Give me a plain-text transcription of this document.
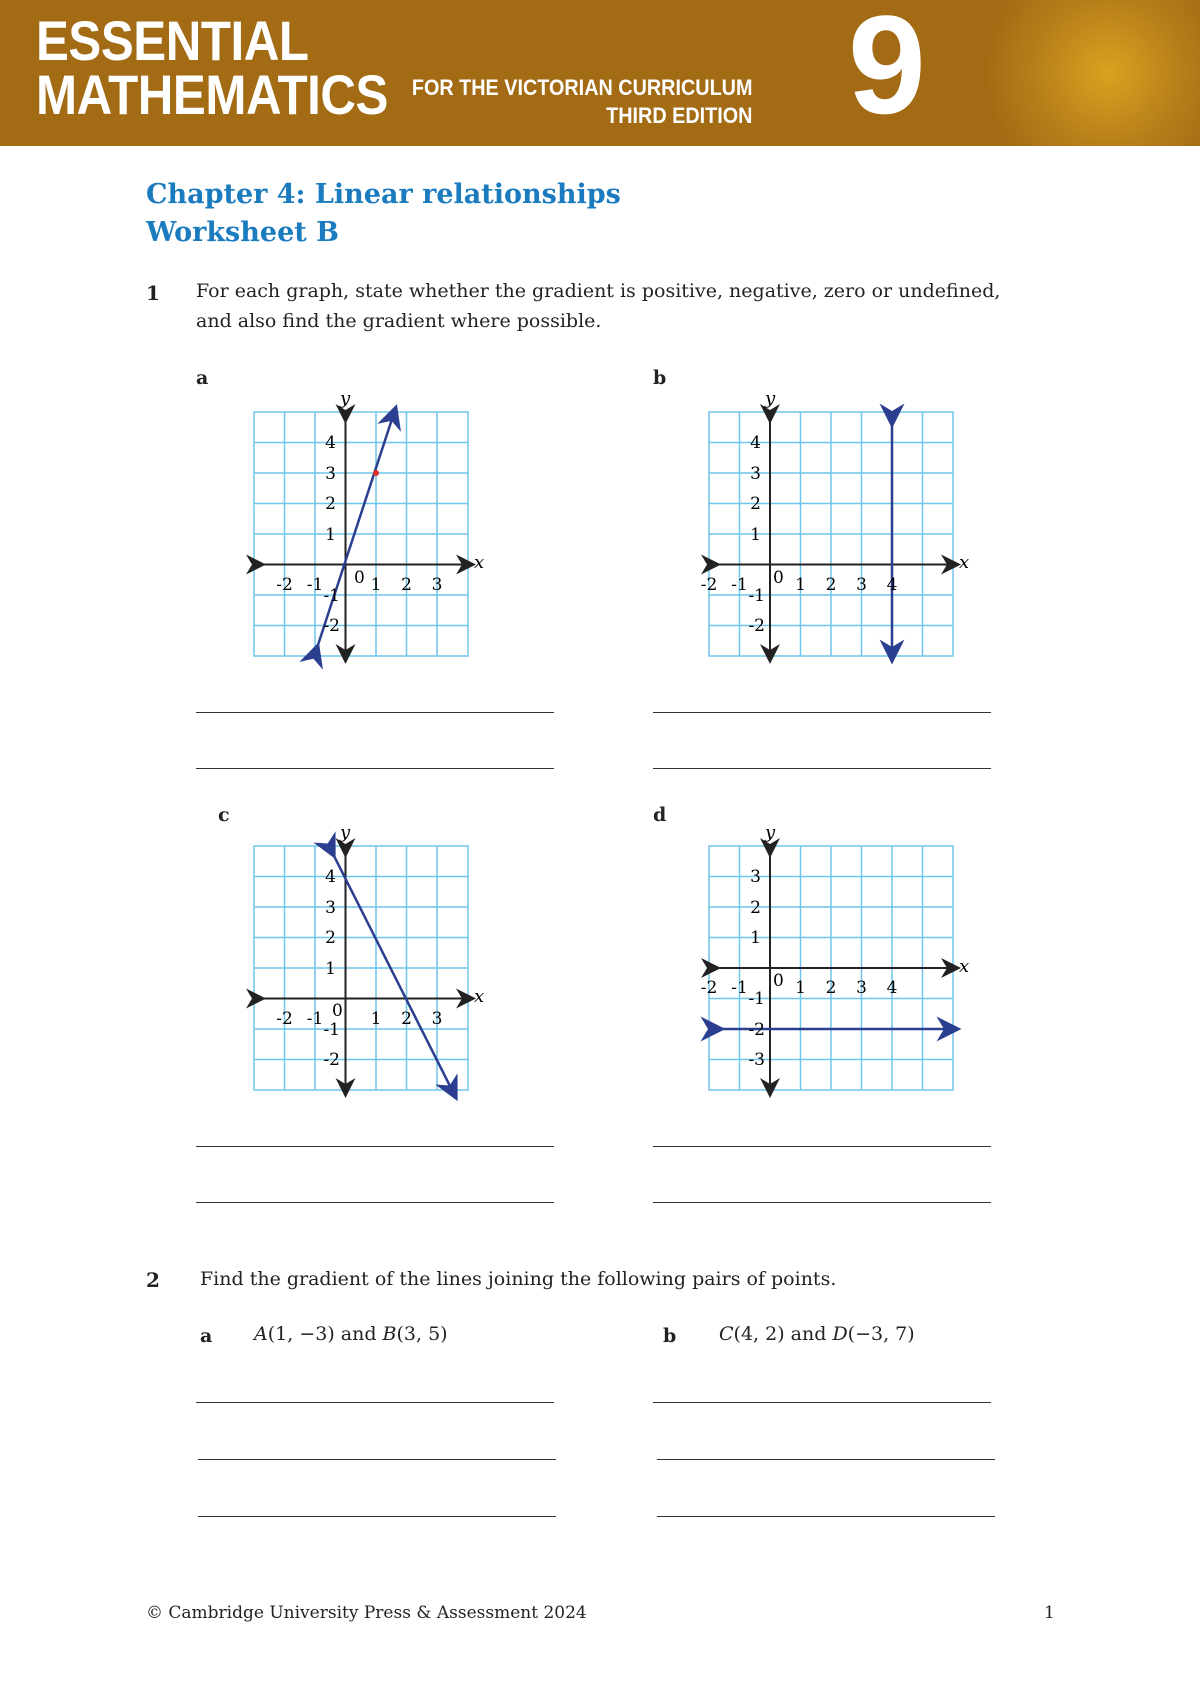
ESSENTIAL
MATHEMATICS FOR THE VICTORIAN CURRICULUM
THIRD EDITION 9
Chapter 4: Linear relationships
Worksheet B
1 For each graph, state whether the gradient is positive, negative, zero or undefined,
and also find the gradient where possible.
a	b
c	d
x
y
-2 -1	1 2 3
0
4
3
2
1
-1
-2
x
y
-2 -1	1 2 3 4
0
4
3
2
1
-1
-2
x
y
-2 -1	1 2 3
0
4
3
2
1
-1
-2
x
y
-2 -1	1 2 3 4
0
3
2
1
-1
-2
-3
2 Find the gradient of the lines joining the following pairs of points.
a A(1, −3) and B(3, 5)	b C(4, 2) and D(−3, 7)
© Cambridge University Press & Assessment 2024	1
